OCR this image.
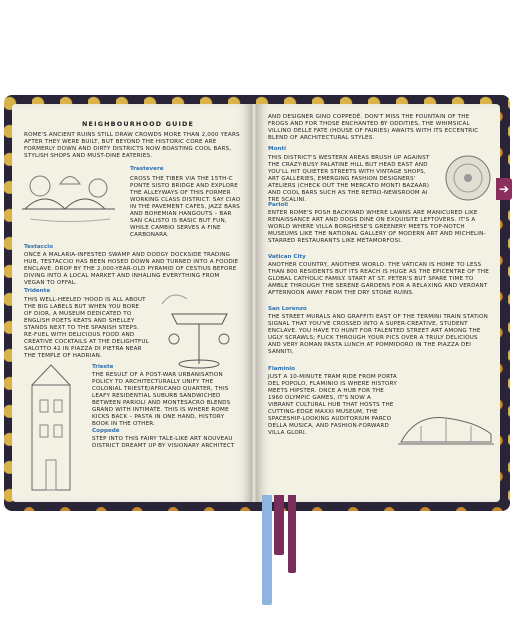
NEIGHBOURHOOD GUIDE

ROME'S ANCIENT RUINS STILL DRAW CROWDS MORE THAN 2,000 YEARS AFTER THEY WERE BUILT, BUT BEYOND THE HISTORIC CORE ARE FORMERLY DOWN AND DIRTY DISTRICTS NOW BOASTING COOL BARS, STYLISH SHOPS AND MUST-DINE EATERIES.

Trastevere

CROSS THE TIBER VIA THE 15TH-C PONTE SISTO BRIDGE AND EXPLORE THE ALLEYWAYS OF THIS FORMER WORKING CLASS DISTRICT. SAY CIAO IN THE PAVEMENT CAFES, JAZZ BARS AND BOHEMIAN HANGOUTS – BAR SAN CALISTO IS BASIC BUT FUN, WHILE CAMBIO SERVES A FINE CARBONARA.

Testaccio

ONCE A MALARIA-INFESTED SWAMP AND DODGY DOCKSIDE TRADING HUB, TESTACCIO HAS BEEN HOSED DOWN AND TURNED INTO A FOODIE ENCLAVE. DROP BY THE 2,000-YEAR-OLD PYRAMID OF CESTIUS BEFORE DIVING INTO A LOCAL MARKET AND INHALING EVERYTHING FROM VEGAN TO OFFAL.

Tridente

THIS WELL-HEELED 'HOOD IS ALL ABOUT THE BIG LABELS BUT WHEN YOU BORE OF DIOR, A MUSEUM DEDICATED TO ENGLISH POETS KEATS AND SHELLEY STANDS NEXT TO THE SPANISH STEPS. RE-FUEL WITH DELICIOUS FOOD AND CREATIVE COCKTAILS AT THE DELIGHTFUL SALOTTO 42 IN PIAZZA DI PIETRA NEAR THE TEMPLE OF HADRIAN.

Trieste

THE RESULT OF A POST-WAR URBANISATION POLICY TO ARCHITECTURALLY UNIFY THE COLONIAL TRIESTE/AFRICANO QUARTER, THIS LEAFY RESIDENTIAL SUBURB SANDWICHED BETWEEN PARIOLI AND MONTESACRO BLENDS GRAND WITH INTIMATE. THIS IS WHERE ROME KICKS BACK – PASTA IN ONE HAND, HISTORY BOOK IN THE OTHER.

Coppedè

STEP INTO THIS FAIRY TALE-LIKE ART NOUVEAU DISTRICT DREAMT UP BY VISIONARY ARCHITECT

AND DESIGNER GINO COPPEDÈ. DON'T MISS THE FOUNTAIN OF THE FROGS AND FOR THOSE ENCHANTED BY ODDITIES, THE WHIMSICAL VILLINO DELLE FATE (HOUSE OF FAIRIES) AWAITS WITH ITS ECCENTRIC BLEND OF ARCHITECTURAL STYLES.

Monti

THIS DISTRICT'S WESTERN AREAS BRUSH UP AGAINST THE CRAZY-BUSY PALATINE HILL BUT HEAD EAST AND YOU'LL HIT QUIETER STREETS WITH VINTAGE SHOPS, ART GALLERIES, EMERGING FASHION DESIGNERS' ATELIERS (CHECK OUT THE MERCATO MONTI BAZAAR) AND COOL BARS SUCH AS THE RETRO-NEWSROOM AI TRE SCALINI.

Parioli

ENTER ROME'S POSH BACKYARD WHERE LAWNS ARE MANICURED LIKE RENAISSANCE ART AND DOGS DINE ON EXQUISITE LEFTOVERS. IT'S A WORLD WHERE VILLA BORGHESE'S GREENERY MEETS TOP-NOTCH MUSEUMS LIKE THE NATIONAL GALLERY OF MODERN ART AND MICHELIN-STARRED RESTAURANTS LIKE METAMORFOSI.

Vatican City

ANOTHER COUNTRY, ANOTHER WORLD. THE VATICAN IS HOME TO LESS THAN 800 RESIDENTS BUT ITS REACH IS HUGE AS THE EPICENTRE OF THE GLOBAL CATHOLIC FAMILY. START AT ST. PETER'S BUT SPARE TIME TO AMBLE THROUGH THE SERENE GARDENS FOR A RELAXING AND VERDANT AFTERNOON AWAY FROM THE DRY STONE RUINS.

San Lorenzo

THE STREET MURALS AND GRAFFITI EAST OF THE TERMINI TRAIN STATION SIGNAL THAT YOU'VE CROSSED INTO A SUPER-CREATIVE, STUDENT ENCLAVE. YOU HAVE TO HUNT FOR TALENTED STREET ART AMONG THE UGLY SCRAWLS; FLICK THROUGH YOUR PICS OVER A TRULY DELICIOUS AND VERY ROMAN PASTA LUNCH AT POMMIDORO IN THE PIAZZA DEI SANNITI.

Flaminio

JUST A 10-MINUTE TRAM RIDE FROM PORTA DEL POPOLO, FLAMINIO IS WHERE HISTORY MEETS HIPSTER. ONCE A HUB FOR THE 1960 OLYMPIC GAMES, IT'S NOW A VIBRANT CULTURAL HUB THAT HOSTS THE CUTTING-EDGE MAXXI MUSEUM, THE SPACESHIP-LOOKING AUDITORIUM PARCO DELLA MUSICA, AND FASHION-FORWARD VILLA GLORI.

➔
